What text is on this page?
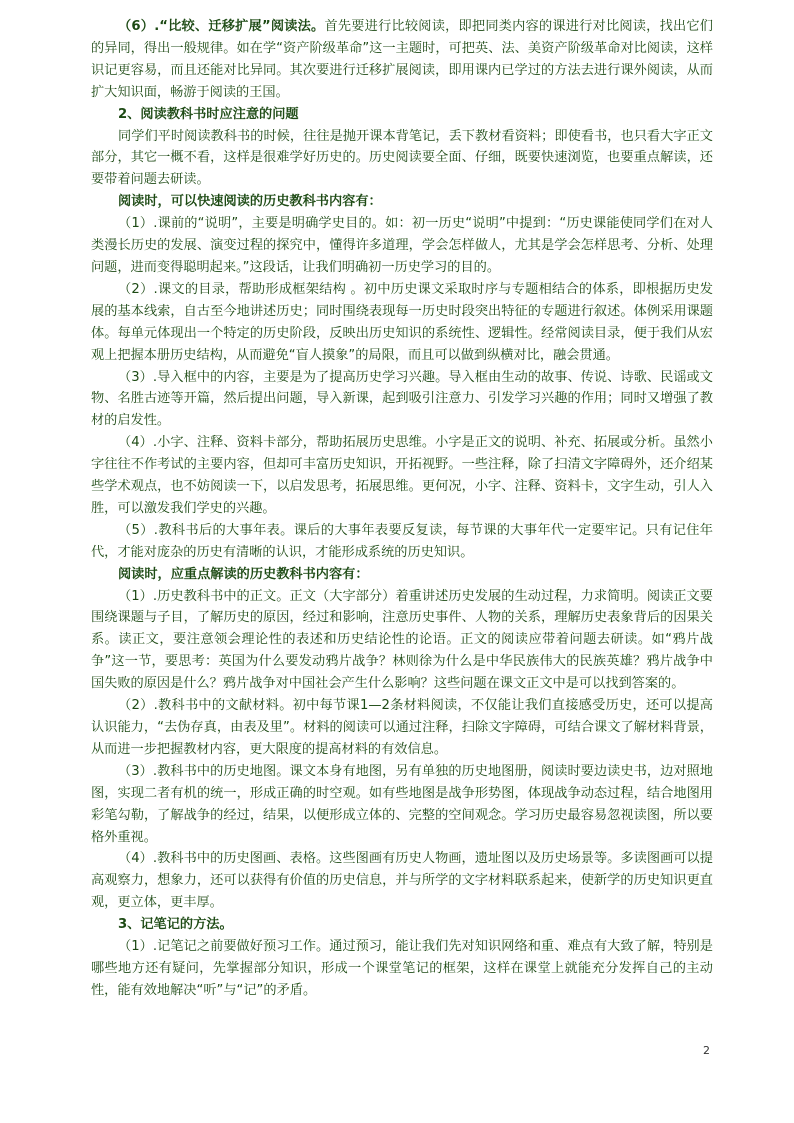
（6）.“比较、迁移扩展”阅读法。首先要进行比较阅读，即把同类内容的课进行对比阅读，找出它们的异同，得出一般规律。如在学“资产阶级革命”这一主题时，可把英、法、美资产阶级革命对比阅读，这样识记更容易，而且还能对比异同。其次要进行迁移扩展阅读，即用课内已学过的方法去进行课外阅读，从而扩大知识面，畅游于阅读的王国。

2、阅读教科书时应注意的问题

同学们平时阅读教科书的时候，往往是抛开课本背笔记，丢下教材看资料；即使看书，也只看大字正文部分，其它一概不看，这样是很难学好历史的。历史阅读要全面、仔细，既要快速浏览，也要重点解读，还要带着问题去研读。

阅读时，可以快速阅读的历史教科书内容有：

（1）.课前的“说明”，主要是明确学史目的。如：初一历史“说明”中提到：“历史课能使同学们在对人类漫长历史的发展、演变过程的探究中，懂得许多道理，学会怎样做人，尤其是学会怎样思考、分析、处理问题，进而变得聪明起来。”这段话，让我们明确初一历史学习的目的。

（2）.课文的目录，帮助形成框架结构 。初中历史课文采取时序与专题相结合的体系，即根据历史发展的基本线索，自古至今地讲述历史；同时围绕表现每一历史时段突出特征的专题进行叙述。体例采用课题体。每单元体现出一个特定的历史阶段，反映出历史知识的系统性、逻辑性。经常阅读目录，便于我们从宏观上把握本册历史结构，从而避免“盲人摸象”的局限，而且可以做到纵横对比，融会贯通。

（3）.导入框中的内容，主要是为了提高历史学习兴趣。导入框由生动的故事、传说、诗歌、民谣或文物、名胜古迹等开篇，然后提出问题，导入新课，起到吸引注意力、引发学习兴趣的作用；同时又增强了教材的启发性。

（4）.小字、注释、资料卡部分，帮助拓展历史思维。小字是正文的说明、补充、拓展或分析。虽然小字往往不作考试的主要内容，但却可丰富历史知识，开拓视野。一些注释，除了扫清文字障碍外，还介绍某些学术观点，也不妨阅读一下，以启发思考，拓展思维。更何况，小字、注释、资料卡，文字生动，引人入胜，可以激发我们学史的兴趣。

（5）.教科书后的大事年表。课后的大事年表要反复读，每节课的大事年代一定要牢记。只有记住年代，才能对庞杂的历史有清晰的认识，才能形成系统的历史知识。

阅读时，应重点解读的历史教科书内容有：

（1）.历史教科书中的正文。正文（大字部分）着重讲述历史发展的生动过程，力求简明。阅读正文要围绕课题与子目，了解历史的原因，经过和影响，注意历史事件、人物的关系，理解历史表象背后的因果关系。读正文，要注意领会理论性的表述和历史结论性的论语。正文的阅读应带着问题去研读。如“鸦片战争”这一节，要思考：英国为什么要发动鸦片战争？林则徐为什么是中华民族伟大的民族英雄？鸦片战争中国失败的原因是什么？鸦片战争对中国社会产生什么影响？这些问题在课文正文中是可以找到答案的。

（2）.教科书中的文献材料。初中每节课1—2条材料阅读，不仅能让我们直接感受历史，还可以提高认识能力，“去伪存真，由表及里”。材料的阅读可以通过注释，扫除文字障碍，可结合课文了解材料背景，从而进一步把握教材内容，更大限度的提高材料的有效信息。

（3）.教科书中的历史地图。课文本身有地图，另有单独的历史地图册，阅读时要边读史书，边对照地图，实现二者有机的统一，形成正确的时空观。如有些地图是战争形势图，体现战争动态过程，结合地图用彩笔勾勒，了解战争的经过，结果，以便形成立体的、完整的空间观念。学习历史最容易忽视读图，所以要格外重视。

（4）.教科书中的历史图画、表格。这些图画有历史人物画，遗址图以及历史场景等。多读图画可以提高观察力，想象力，还可以获得有价值的历史信息，并与所学的文字材料联系起来，使新学的历史知识更直观，更立体，更丰厚。

3、记笔记的方法。

（1）.记笔记之前要做好预习工作。通过预习，能让我们先对知识网络和重、难点有大致了解，特别是哪些地方还有疑问，先掌握部分知识，形成一个课堂笔记的框架，这样在课堂上就能充分发挥自己的主动性，能有效地解决“听”与“记”的矛盾。

2
